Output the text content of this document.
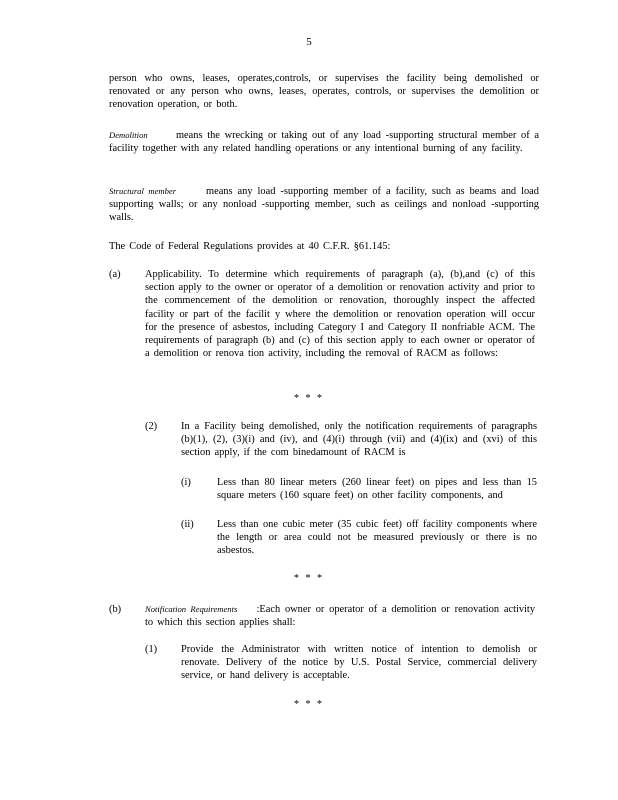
5
person who owns, leases, operates,controls, or supervises the facility being demolished or renovated or any person who owns, leases, operates, controls, or supervises the demolition or renovation operation, or both.
Demolition	means the wrecking or taking out of any load -supporting structural member of a facility together with any related handling operations or any intentional burning of any facility.
Structural member	means any load -supporting member of a facility, such as beams and load supporting walls; or any nonload -supporting member, such as ceilings and nonload -supporting walls.
The Code of Federal Regulations provides at 40 C.F.R. §61.145:
(a) Applicability. To determine which requirements of paragraph (a), (b),and (c) of this section apply to the owner or operator of a demolition or renovation activity and prior to the commencement of the demolition or renovation, thoroughly inspect the affected facility or part of the facilit y where the demolition or renovation operation will occur for the presence of asbestos, including Category I and Category II nonfriable ACM. The requirements of paragraph (b) and (c) of this section apply to each owner or operator of a demolition or renova tion activity, including the removal of RACM as follows:
* * *
(2) In a Facility being demolished, only the notification requirements of paragraphs (b)(1), (2), (3)(i) and (iv), and (4)(i) through (vii) and (4)(ix) and (xvi) of this section apply, if the com binedamount of RACM is
(i)	Less than 80 linear meters (260 linear feet) on pipes and less than 15 square meters (160 square feet) on other facility components, and
(ii) Less than one cubic meter (35 cubic feet) off facility components where the length or area could not be measured previously or there is no asbestos.
* * *
(b)	Notification Requirements :Each owner or operator of a demolition or renovation activity to which this section applies shall:
(1) Provide the Administrator with written notice of intention to demolish or renovate. Delivery of the notice by U.S. Postal Service, commercial delivery service, or hand delivery is acceptable.
* * *
